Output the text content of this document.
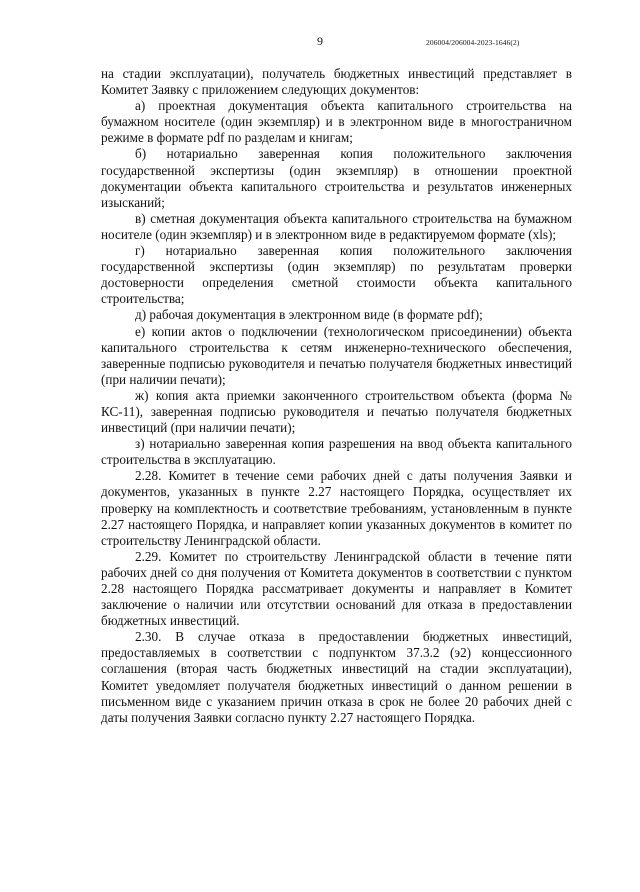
9	206004/206004-2023-1646(2)

на стадии эксплуатации), получатель бюджетных инвестиций представляет в Комитет Заявку с приложением следующих документов:

а) проектная документация объекта капитального строительства на бумажном носителе (один экземпляр) и в электронном виде в многостраничном режиме в формате pdf по разделам и книгам;

б) нотариально заверенная копия положительного заключения государственной экспертизы (один экземпляр) в отношении проектной документации объекта капитального строительства и результатов инженерных изысканий;

в) сметная документация объекта капитального строительства на бумажном носителе (один экземпляр) и в электронном виде в редактируемом формате (xls);

г) нотариально заверенная копия положительного заключения государственной экспертизы (один экземпляр) по результатам проверки достоверности определения сметной стоимости объекта капитального строительства;

д) рабочая документация в электронном виде (в формате pdf);

е) копии актов о подключении (технологическом присоединении) объекта капитального строительства к сетям инженерно-технического обеспечения, заверенные подписью руководителя и печатью получателя бюджетных инвестиций (при наличии печати);

ж) копия акта приемки законченного строительством объекта (форма № КС-11), заверенная подписью руководителя и печатью получателя бюджетных инвестиций (при наличии печати);

з) нотариально заверенная копия разрешения на ввод объекта капитального строительства в эксплуатацию.

2.28. Комитет в течение семи рабочих дней с даты получения Заявки и документов, указанных в пункте 2.27 настоящего Порядка, осуществляет их проверку на комплектность и соответствие требованиям, установленным в пункте 2.27 настоящего Порядка, и направляет копии указанных документов в комитет по строительству Ленинградской области.

2.29. Комитет по строительству Ленинградской области в течение пяти рабочих дней со дня получения от Комитета документов в соответствии с пунктом 2.28 настоящего Порядка рассматривает документы и направляет в Комитет заключение о наличии или отсутствии оснований для отказа в предоставлении бюджетных инвестиций.

2.30. В случае отказа в предоставлении бюджетных инвестиций, предоставляемых в соответствии с подпунктом 37.3.2 (э2) концессионного соглашения (вторая часть бюджетных инвестиций на стадии эксплуатации), Комитет уведомляет получателя бюджетных инвестиций о данном решении в письменном виде с указанием причин отказа в срок не более 20 рабочих дней с даты получения Заявки согласно пункту 2.27 настоящего Порядка.
